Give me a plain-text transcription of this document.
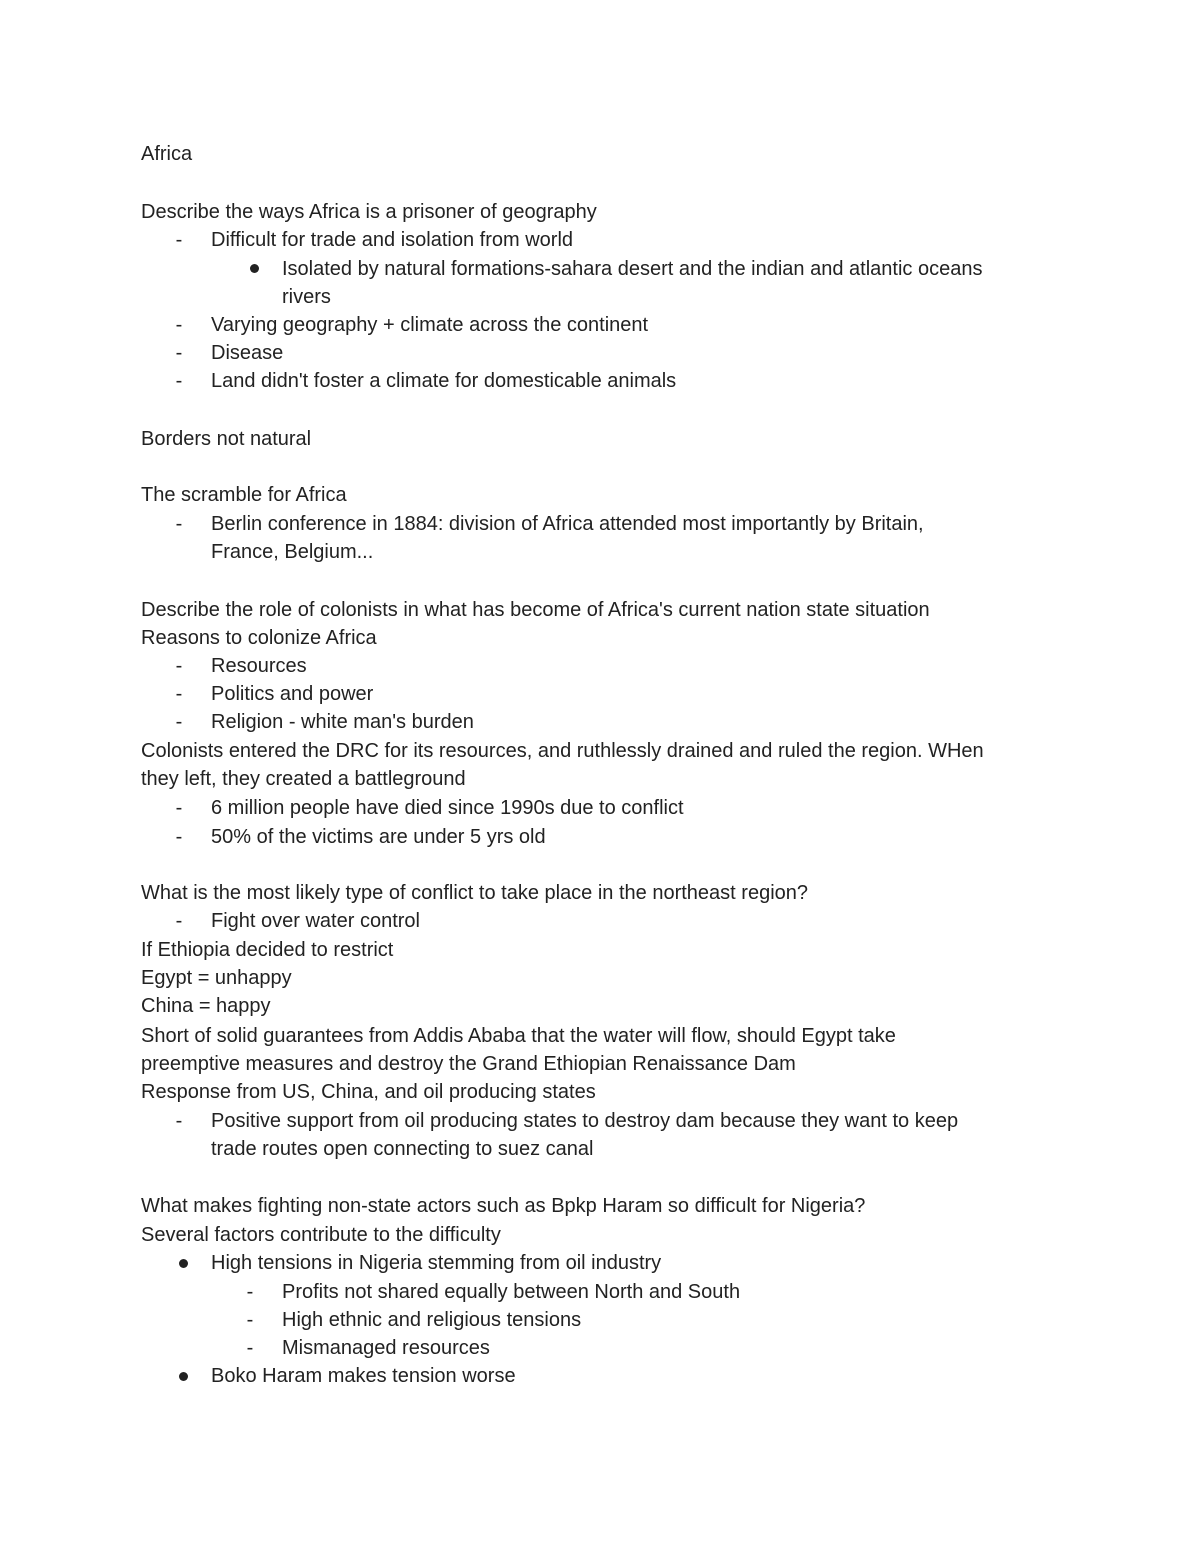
Africa
Describe the ways Africa is a prisoner of geography
-	Difficult for trade and isolation from world
Isolated by natural formations-sahara desert and the indian and atlantic oceans
rivers
-	Varying geography + climate across the continent
-	Disease
-	Land didn't foster a climate for domesticable animals
Borders not natural
The scramble for Africa
-	Berlin conference in 1884: division of Africa attended most importantly by Britain,
France, Belgium...
Describe the role of colonists in what has become of Africa's current nation state situation
Reasons to colonize Africa
-	Resources
-	Politics and power
-	Religion - white man's burden
Colonists entered the DRC for its resources, and ruthlessly drained and ruled the region. WHen
they left, they created a battleground
-	6 million people have died since 1990s due to conflict
-	50% of the victims are under 5 yrs old
What is the most likely type of conflict to take place in the northeast region?
-	Fight over water control
If Ethiopia decided to restrict
Egypt = unhappy
China = happy
Short of solid guarantees from Addis Ababa that the water will flow, should Egypt take
preemptive measures and destroy the Grand Ethiopian Renaissance Dam
Response from US, China, and oil producing states
-	Positive support from oil producing states to destroy dam because they want to keep
trade routes open connecting to suez canal
What makes fighting non-state actors such as Bpkp Haram so difficult for Nigeria?
Several factors contribute to the difficulty
High tensions in Nigeria stemming from oil industry
-	Profits not shared equally between North and South
-	High ethnic and religious tensions
-	Mismanaged resources
Boko Haram makes tension worse
